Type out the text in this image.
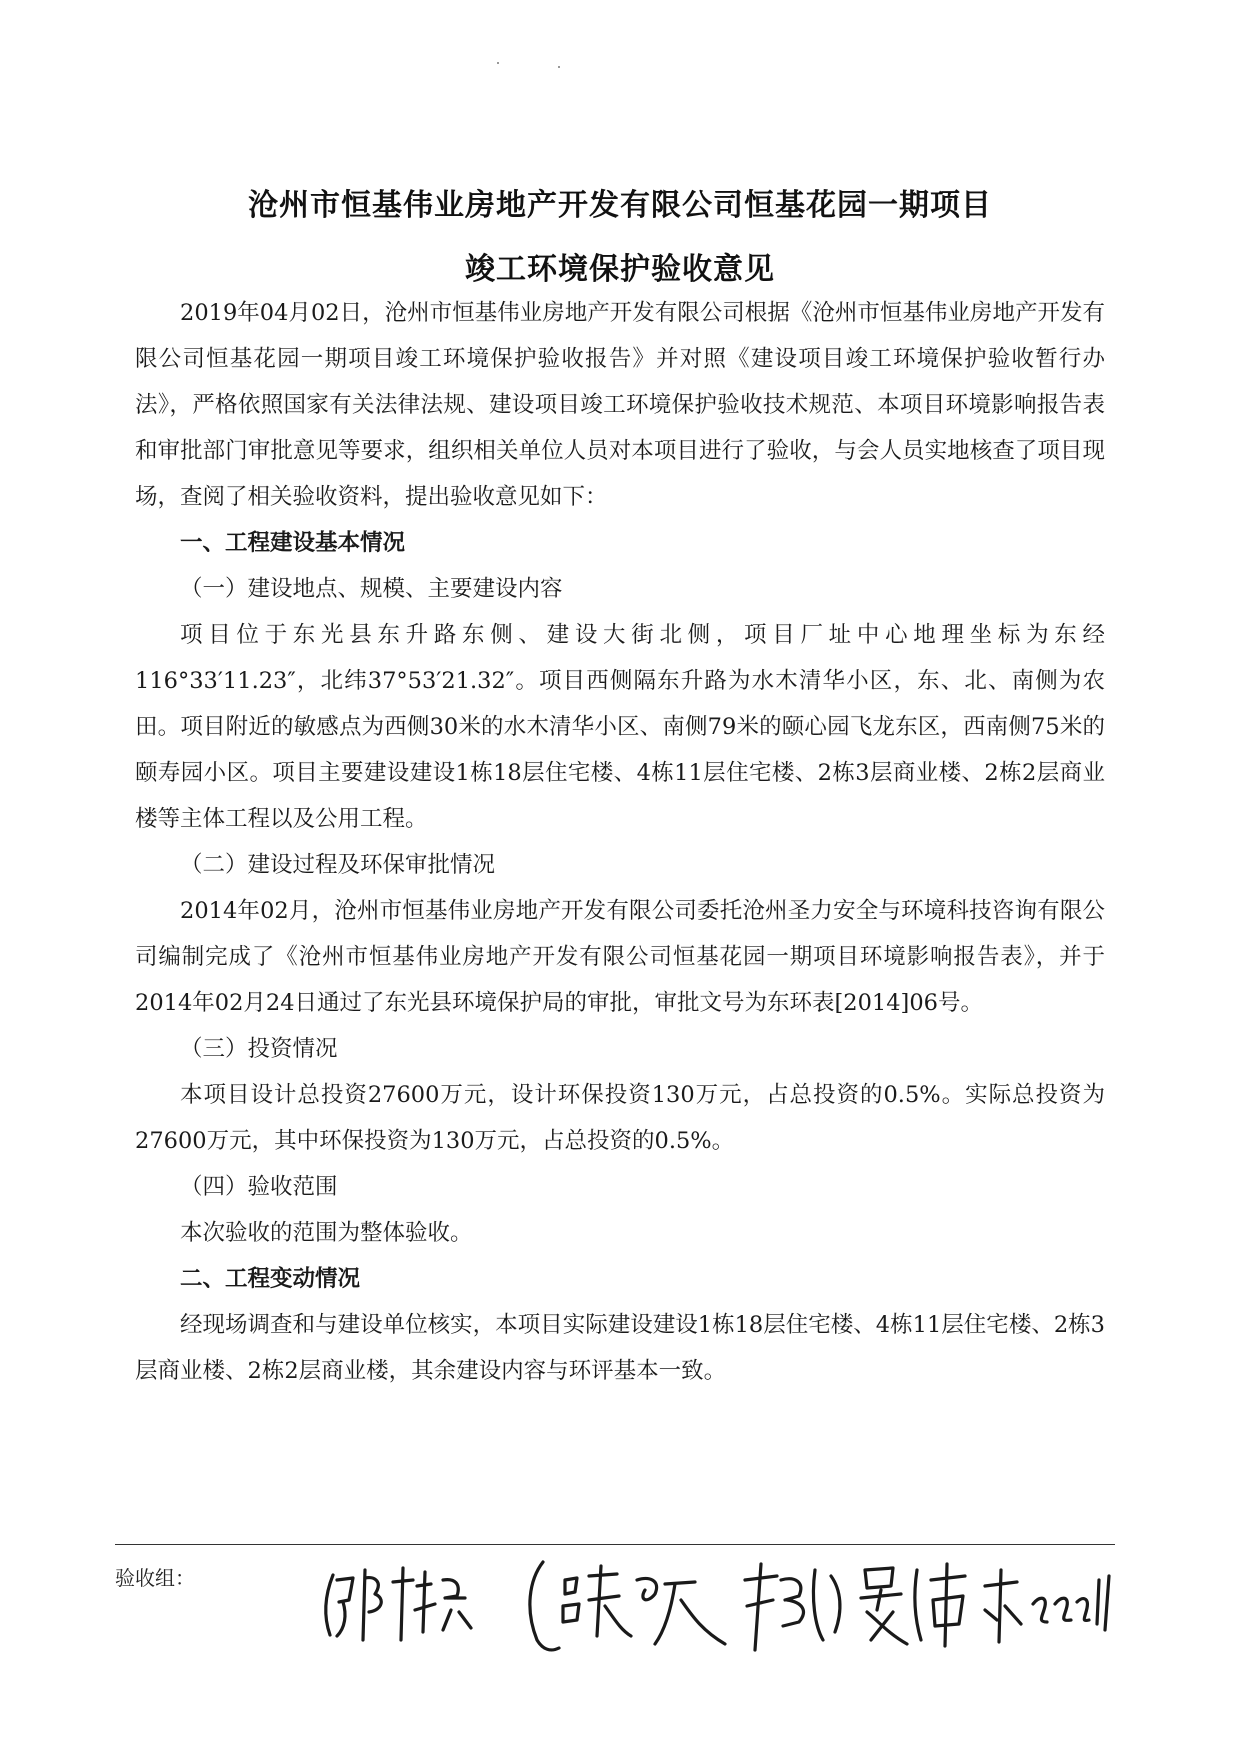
沧州市恒基伟业房地产开发有限公司恒基花园一期项目
竣工环境保护验收意见

2019年04月02日，沧州市恒基伟业房地产开发有限公司根据《沧州市恒基伟业房地产开发有限公司恒基花园一期项目竣工环境保护验收报告》并对照《建设项目竣工环境保护验收暂行办法》，严格依照国家有关法律法规、建设项目竣工环境保护验收技术规范、本项目环境影响报告表和审批部门审批意见等要求，组织相关单位人员对本项目进行了验收，与会人员实地核查了项目现场，查阅了相关验收资料，提出验收意见如下：

一、工程建设基本情况

（一）建设地点、规模、主要建设内容

项目位于东光县东升路东侧、建设大街北侧，项目厂址中心地理坐标为东经116°33′11.23″，北纬37°53′21.32″。项目西侧隔东升路为水木清华小区，东、北、南侧为农田。项目附近的敏感点为西侧30米的水木清华小区、南侧79米的颐心园飞龙东区，西南侧75米的颐寿园小区。项目主要建设建设1栋18层住宅楼、4栋11层住宅楼、2栋3层商业楼、2栋2层商业楼等主体工程以及公用工程。

（二）建设过程及环保审批情况

2014年02月，沧州市恒基伟业房地产开发有限公司委托沧州圣力安全与环境科技咨询有限公司编制完成了《沧州市恒基伟业房地产开发有限公司恒基花园一期项目环境影响报告表》，并于2014年02月24日通过了东光县环境保护局的审批，审批文号为东环表[2014]06号。

（三）投资情况

本项目设计总投资27600万元，设计环保投资130万元，占总投资的0.5%。实际总投资为27600万元，其中环保投资为130万元，占总投资的0.5%。

（四）验收范围

本次验收的范围为整体验收。

二、工程变动情况

经现场调查和与建设单位核实，本项目实际建设建设1栋18层住宅楼、4栋11层住宅楼、2栋3层商业楼、2栋2层商业楼，其余建设内容与环评基本一致。

验收组：
